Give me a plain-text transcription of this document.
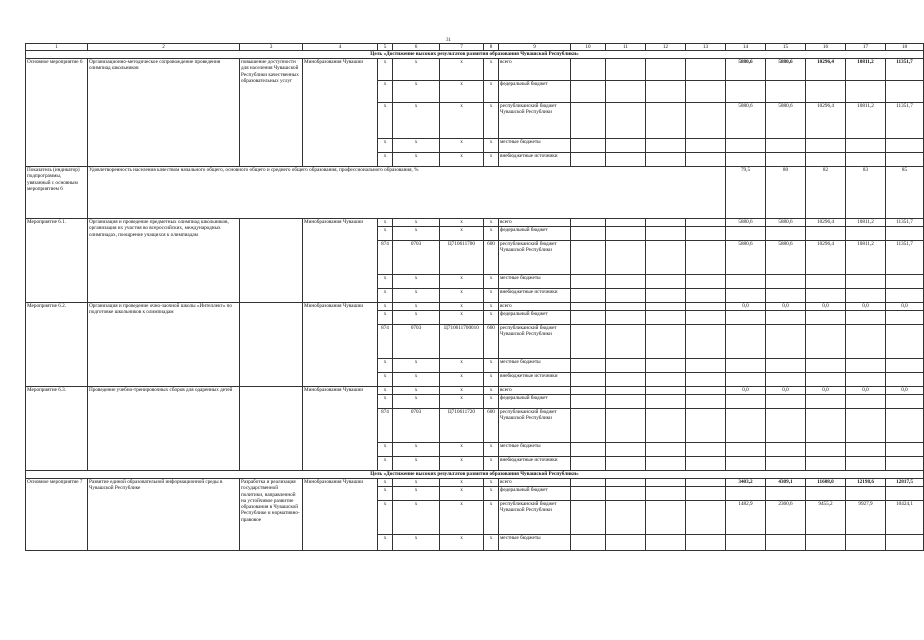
31
1	2	3	4	5	6	7	8	9	10	11	12	13	14	15	16	17	18
Цель «Достижение высоких результатов развития образования Чувашской Республики»																	
Основное мероприятие 6	Организационно-методическое сопровождение проведения олимпиад школьников	повышение доступности для населения Чувашской Республики качественных образовательных услуг	Минобразования Чувашии	x	x	x	x	всего					5880,6	5880,6	10296,4	10811,2	11351,7
				x	x	x	x	федеральный бюджет									
				x	x	x	x	республиканский бюджет Чувашской Республики					5880,6	5880,6	10296,4	10811,2	11351,7
				x	x	x	x	местные бюджеты									
				x	x	x	x	внебюджетные источники									
Показатель (индикатор) подпрограммы, увязанный с основным мероприятием 6	Удовлетворенность населения качеством начального общего, основного общего и среднего общего образования, профессионального образования, %												79,5	80	82	83	85
Мероприятие 6.1.	Организация и проведение предметных олимпиад школьников, организация их участия во всероссийских, международных олимпиадах, поощрение учащихся к олимпиадам		Минобразования Чувашии	x	x	x	x	всего					5880,6	5880,6	10296,4	10811,2	11351,7
				x	x	x	x	федеральный бюджет									
				874	0703	Ц710611700	600	республиканский бюджет Чувашской Республики					5880,6	5880,6	10296,4	10811,2	11351,7
				x	x	x	x	местные бюджеты									
				x	x	x	x	внебюджетные источники									
Мероприятие 6.2.	Организация и проведение очно-заочной школы «Интеллект» по подготовке школьников к олимпиадам		Минобразования Чувашии	x	x	x	x	всего					0,0	0,0	0,0	0,0	0,0
				x	x	x	x	федеральный бюджет									
				874	0703	Ц710611700010	600	республиканский бюджет Чувашской Республики									
				x	x	x	x	местные бюджеты									
				x	x	x	x	внебюджетные источники									
Мероприятие 6.3.	Проведение учебно-тренировочных сборов для одаренных детей		Минобразования Чувашии	x	x	x	x	всего					0,0	0,0	0,0	0,0	0,0
				x	x	x	x	федеральный бюджет									
				874	0703	Ц710611720	600	республиканский бюджет Чувашской Республики									
				x	x	x	x	местные бюджеты									
				x	x	x	x	внебюджетные источники									
Цель «Достижение высоких результатов развития образования Чувашской Республики»																	
Основное мероприятие 7	Развитие единой образовательной информационной среды в Чувашской Республике	Разработка и реализация государственной политики, направленной на устойчивое развитие образования в Чувашской Республике и нормативно-правовое	Минобразования Чувашии	x	x	x	x	всего					3403,2	4309,1	11608,0	12198,6	12817,5
				x	x	x	x	федеральный бюджет									
				x	x	x	x	республиканский бюджет Чувашской Республики					1482,9	2360,6	9455,2	9927,9	10424,1
				x	x	x	x	местные бюджеты									
